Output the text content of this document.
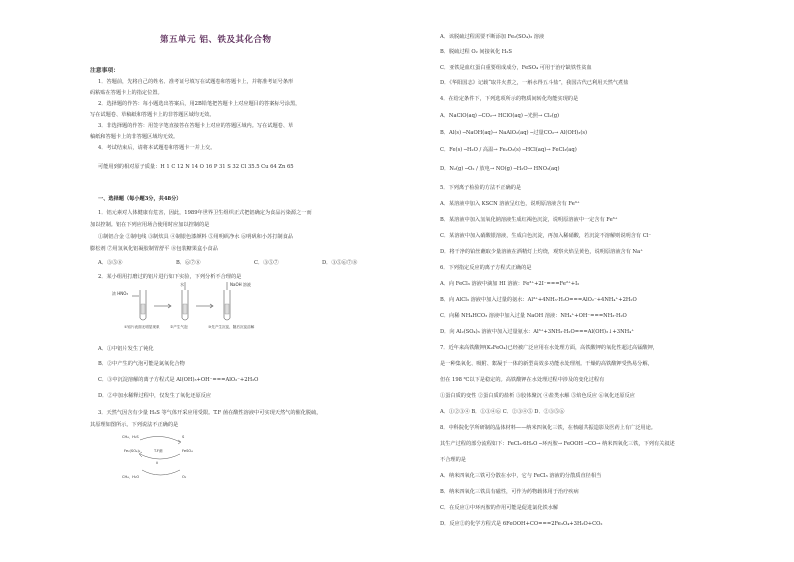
第五单元 铝、铁及其化合物
注意事项：
1．答题前，先将自己的姓名、准考证号填写在试题卷和答题卡上，并将准考证号条形
码粘贴在答题卡上的指定位置。
2．选择题的作答：每小题选出答案后，用2B铅笔把答题卡上对应题目的答案标号涂黑，
写在试题卷、草稿纸和答题卡上的非答题区域均无效。
3．非选择题的作答：用签字笔直接答在答题卡上对应的答题区域内。写在试题卷、草
稿纸和答题卡上的非答题区域均无效。
4．考试结束后，请将本试题卷和答题卡一并上交。
可能用到的相对原子质量：H 1 C 12 N 14 O 16 P 31 S 32 Cl 35.5 Cu 64 Zn 65
一、选择题（每小题3分，共48分）
1．铝元素对人体健康有危害，因此，1989年世界卫生组织正式把铝确定为食品污染源之一而
加以控制。铝在下列应用场合使用时应加以控制的是
①制铝合金 ②制电线 ③制炊具 ④制银色漆颜料 ⑤用明矾净水 ⑥明矾和小苏打制食品
膨松剂 ⑦用氢氧化铝凝胶制胃舒平 ⑧包装糖果盒小食品
A．③⑤⑧	B．⑥⑦⑧	C．③⑤⑦	D．③⑤⑥⑦⑧
2．某小组用打磨过的铝片进行如下实验，下列分析不合理的是
浓 HNO₃
水	NaOH 溶液
①铝片表面无明显现象	②产生气泡	③先产生沉淀，随后沉淀溶解
A．①中铝片发生了钝化
B．②中产生的气泡可能是氮氧化合物
C．③中沉淀溶解的离子方程式是 Al(OH)₃+OH⁻===AlO₂⁻+2H₂O
D．②中加水稀释过程中，仅发生了氧化还原反应
3．天然气因含有少量 H₂S 等气体开采应用受限。T.F 菌在酸性溶液中可实现天然气的催化脱硫，
其原理如图所示。下列说法不正确的是
CH₄、H₂S	S
Fe₂(SO₄)₃	FeSO₄
T.F菌
ii
CH₄、H₂O	O₂
A．该脱硫过程需要不断添加 Fe₂(SO₄)₃ 溶液
B．脱硫过程 O₂ 间接氧化 H₂S
C．亚铁是血红蛋白重要组成成分，FeSO₄ 可用于治疗缺铁性贫血
D．《华阳国志》记载“取井火煮之，一斛水得五斗盐”，我国古代已利用天然气煮盐
4．在给定条件下，下列选项所示的物质间转化均能实现的是
A．NaClO(aq) ─CO₂→ HClO(aq) ─光照→ Cl₂(g)
B．Al(s) ─NaOH(aq)→ NaAlO₂(aq) ─过量CO₂→ Al(OH)₃(s)
C．Fe(s) ─H₂O / 高温→ Fe₂O₃(s) ─HCl(aq)→ FeCl₃(aq)
D．N₂(g) ─O₂ / 放电→ NO(g) ─H₂O→ HNO₃(aq)
5．下列离子检验的方法不正确的是
A．某溶液中加入 KSCN 溶液呈红色，说明原溶液含有 Fe³⁺
B．某溶液中加入氢氧化钠溶液生成红褐色沉淀，说明原溶液中一定含有 Fe³⁺
C．某溶液中加入硝酸银溶液，生成白色沉淀，再加入稀硝酸，若沉淀不溶解则说明含有 Cl⁻
D．将干净的铂丝蘸取少量溶液在酒精灯上灼烧，观察火焰呈黄色，说明原溶液含有 Na⁺
6．下列指定反应的离子方程式正确的是
A．向 FeCl₃ 溶液中滴加 HI 溶液：Fe³⁺+2I⁻===Fe²⁺+I₂
B．向 AlCl₃ 溶液中加入过量的氨水：Al³⁺+4NH₃·H₂O===AlO₂⁻+4NH₄⁺+2H₂O
C．向稀 NH₄HCO₃ 溶液中加入过量 NaOH 溶液：NH₄⁺+OH⁻===NH₃·H₂O
D．向 Al₂(SO₄)₃ 溶液中加入过量氨水：Al³⁺+3NH₃·H₂O===Al(OH)₃↓+3NH₄⁺
7．近年来高铁酸钾(K₂FeO₄)已经被广泛应用在水处理方面，高铁酸钾的氧化性超过高锰酸钾，
是一种集氧化、吸附、絮凝于一体的新型高效多功能水处理剂。干燥的高铁酸钾受热易分解，
但在 198 ℃以下是稳定的。高铁酸钾在水处理过程中涉及的变化过程有
①蛋白质的变性 ②蛋白质的盐析 ③胶体聚沉 ④盐类水解 ⑤焰色反应 ⑥氧化还原反应
A．①②③④ B．①③④⑥ C．②③④⑤ D．②③⑤⑥
8．中科院化学所研制的晶体材料——纳米四氧化三铁，在核磁共振造影及医药上有广泛用途。
其生产过程的部分流程如下：FeCl₃·6H₂O ─环丙胺→ FeOOH ─CO→ 纳米四氧化三铁，下列有关叙述
不合理的是
A．纳米四氧化三铁可分散在水中，它与 FeCl₃ 溶液的分散质直径相当
B．纳米四氧化三铁具有磁性，可作为药物载体用于治疗疾病
C．在反应①中环丙胺的作用可能是促进氯化铁水解
D．反应②的化学方程式是 6FeOOH+CO===2Fe₃O₄+3H₂O+CO₂
